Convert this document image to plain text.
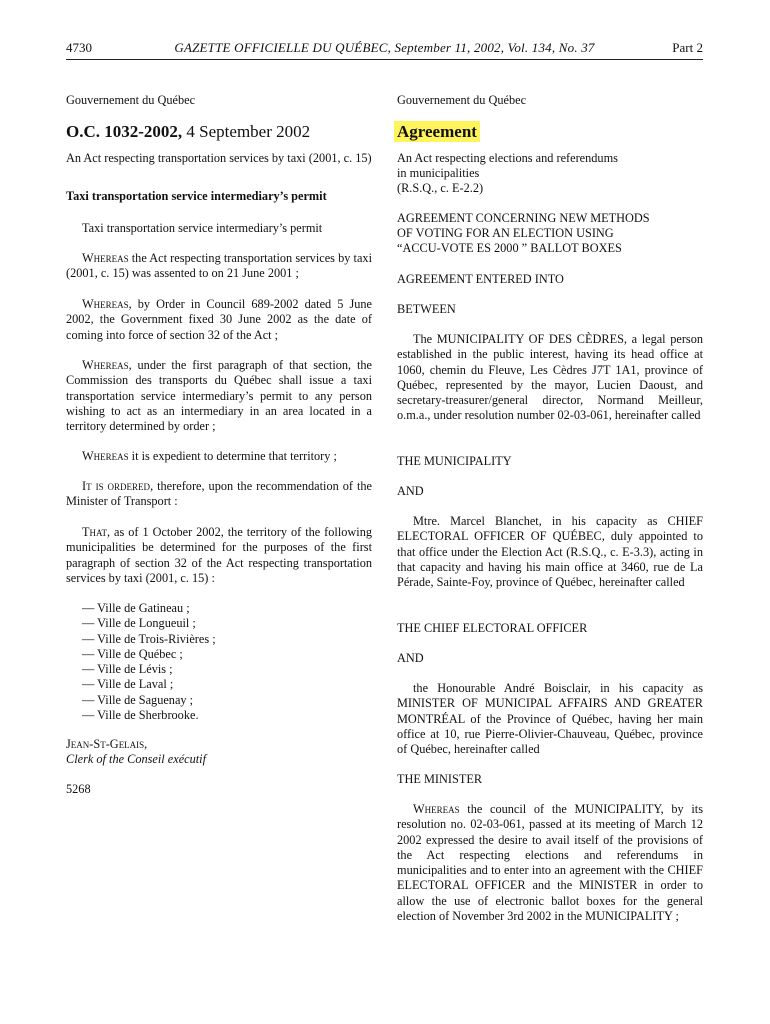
4730	GAZETTE OFFICIELLE DU QUÉBEC, September 11, 2002, Vol. 134, No. 37	Part 2

Gouvernement du Québec

O.C. 1032-2002, 4 September 2002

An Act respecting transportation services by taxi (2001, c. 15)

Taxi transportation service intermediary’s permit

Taxi transportation service intermediary’s permit

Whereas the Act respecting transportation services by taxi (2001, c. 15) was assented to on 21 June 2001 ;

Whereas, by Order in Council 689-2002 dated 5 June 2002, the Government fixed 30 June 2002 as the date of coming into force of section 32 of the Act ;

Whereas, under the first paragraph of that section, the Commission des transports du Québec shall issue a taxi transportation service intermediary’s permit to any person wishing to act as an intermediary in an area located in a territory determined by order ;

Whereas it is expedient to determine that territory ;

It is ordered, therefore, upon the recommendation of the Minister of Transport :

That, as of 1 October 2002, the territory of the following municipalities be determined for the purposes of the first paragraph of section 32 of the Act respecting transportation services by taxi (2001, c. 15) :

— Ville de Gatineau ;
— Ville de Longueuil ;
— Ville de Trois-Rivières ;
— Ville de Québec ;
— Ville de Lévis ;
— Ville de Laval ;
— Ville de Saguenay ;
— Ville de Sherbrooke.

Jean-St-Gelais,

Clerk of the Conseil exécutif

5268

Gouvernement du Québec

Agreement

An Act respecting elections and referendums

in municipalities

(R.S.Q., c. E-2.2)

AGREEMENT CONCERNING NEW METHODS

OF VOTING FOR AN ELECTION USING

“ACCU-VOTE ES 2000 ” BALLOT BOXES

AGREEMENT ENTERED INTO

BETWEEN

The MUNICIPALITY OF DES CÈDRES, a legal person established in the public interest, having its head office at 1060, chemin du Fleuve, Les Cèdres J7T 1A1, province of Québec, represented by the mayor, Lucien Daoust, and secretary-treasurer/general director, Normand Meilleur, o.m.a., under resolution number 02-03-061, hereinafter called

THE MUNICIPALITY

AND

Mtre. Marcel Blanchet, in his capacity as CHIEF ELECTORAL OFFICER OF QUÉBEC, duly appointed to that office under the Election Act (R.S.Q., c. E-3.3), acting in that capacity and having his main office at 3460, rue de La Pérade, Sainte-Foy, province of Québec, hereinafter called

THE CHIEF ELECTORAL OFFICER

AND

the Honourable André Boisclair, in his capacity as MINISTER OF MUNICIPAL AFFAIRS AND GREATER MONTRÉAL of the Province of Québec, having her main office at 10, rue Pierre-Olivier-Chauveau, Québec, province of Québec, hereinafter called

THE MINISTER

Whereas the council of the MUNICIPALITY, by its resolution no. 02-03-061, passed at its meeting of March 12 2002 expressed the desire to avail itself of the provisions of the Act respecting elections and referendums in municipalities and to enter into an agreement with the CHIEF ELECTORAL OFFICER and the MINISTER in order to allow the use of electronic ballot boxes for the general election of November 3rd 2002 in the MUNICIPALITY ;
